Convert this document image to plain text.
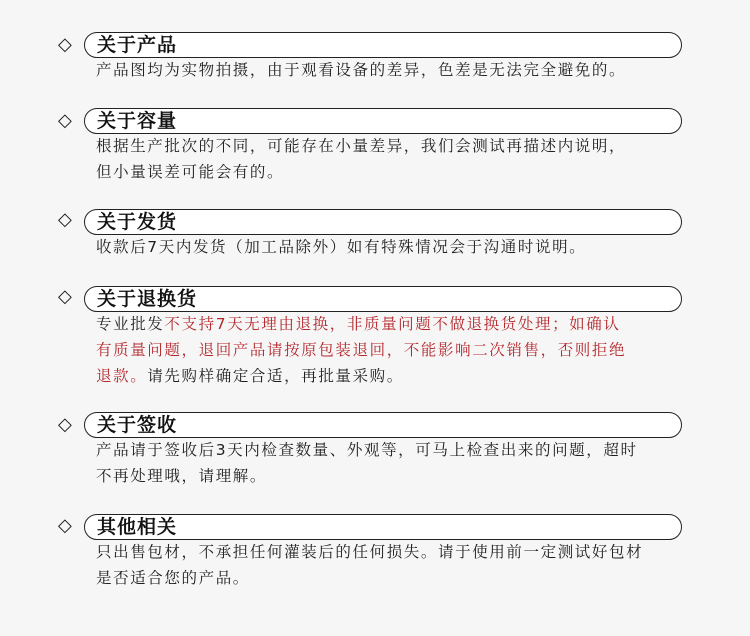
◇ 关于产品
产品图均为实物拍摄，由于观看设备的差异，色差是无法完全避免的。
◇ 关于容量
根据生产批次的不同，可能存在小量差异，我们会测试再描述内说明，
但小量误差可能会有的。
◇ 关于发货
收款后7天内发货（加工品除外）如有特殊情况会于沟通时说明。
◇ 关于退换货
专业批发不支持7天无理由退换，非质量问题不做退换货处理；如确认
有质量问题，退回产品请按原包装退回，不能影响二次销售，否则拒绝
退款。请先购样确定合适，再批量采购。
◇ 关于签收
产品请于签收后3天内检查数量、外观等，可马上检查出来的问题，超时
不再处理哦，请理解。
◇ 其他相关
只出售包材，不承担任何灌装后的任何损失。请于使用前一定测试好包材
是否适合您的产品。
